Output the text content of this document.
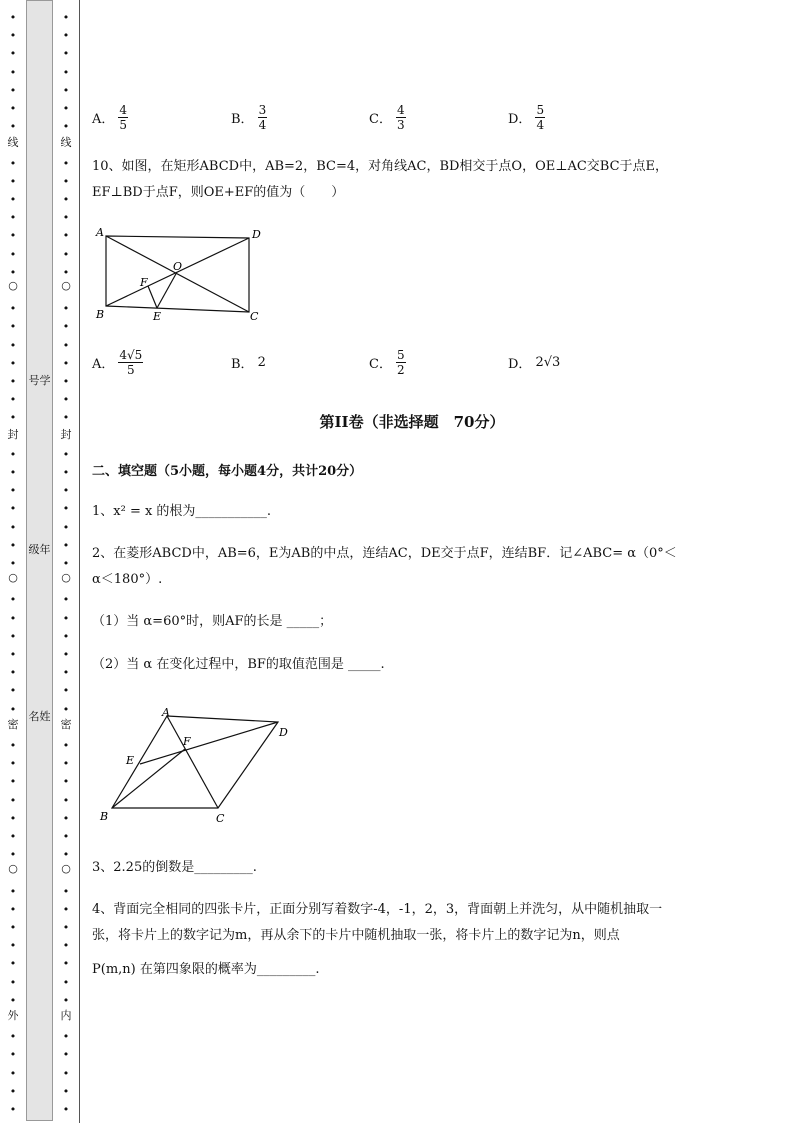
•
•
•
•
•
•
•
•
•
•
•
•
•
•
•
•
•
•
•
•
•
•
•
•
•
•
•
•
•
•
•
•
•
•
•
•
•
•
•
•
•
•
•
•
•
•
•
•
•
•
•
•
•
•
线
○
封
○
密
○
外
号学
级年
名姓
•
•
•
•
•
•
•
•
•
•
•
•
•
•
•
•
•
•
•
•
•
•
•
•
•
•
•
•
•
•
•
•
•
•
•
•
•
•
•
•
•
•
•
•
•
•
•
•
•
•
•
•
•
•
线
○
封
○
密
○
内
A． $\frac{4}{5}$	B． $\frac{3}{4}$	C． $\frac{4}{3}$	D． $\frac{5}{4}$
10、如图，在矩形ABCD中，AB=2，BC=4，对角线AC，BD相交于点O，OE⊥AC交BC于点E，
EF⊥BD于点F，则OE+EF的值为（　　）
A	D
O
F
B	E	C
A． $\frac{4√5}{5}$	B． 2	C． $\frac{5}{2}$	D． 2√3
第II卷（非选择题　70分）
二、填空题（5小题，每小题4分，共计20分）
1、x² = x 的根为___________.
2、在菱形ABCD中，AB=6，E为AB的中点，连结AC，DE交于点F，连结BF．记∠ABC= α（0°＜
α＜180°）.
（1）当 α=60°时，则AF的长是 _____；
（2）当 α 在变化过程中，BF的取值范围是 _____.
A
F
D
E
B	C
3、2.25的倒数是_________.
4、背面完全相同的四张卡片，正面分别写着数字-4，-1，2，3，背面朝上并洗匀，从中随机抽取一
张，将卡片上的数字记为m，再从余下的卡片中随机抽取一张，将卡片上的数字记为n，则点
P(m,n) 在第四象限的概率为_________.
